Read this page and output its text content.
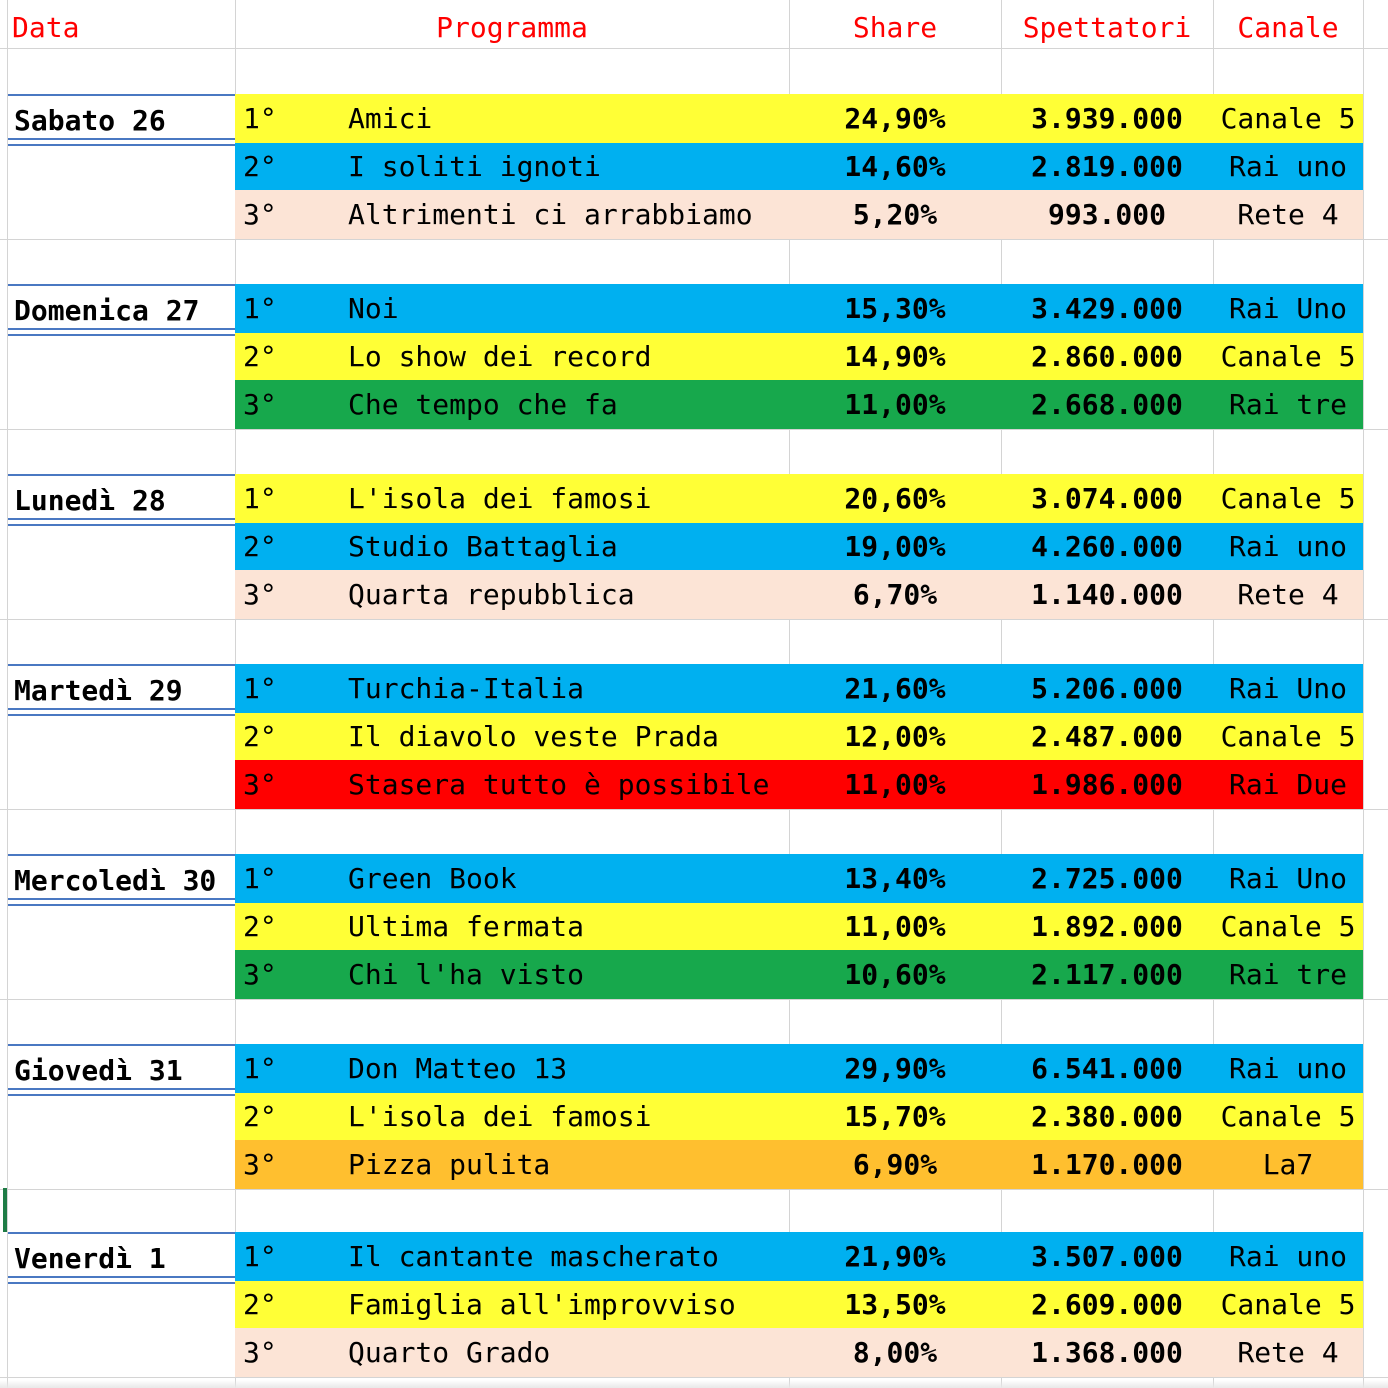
Data	Programma	Share	Spettatori	Canale
Sabato 26	1°	Amici	24,90%	3.939.000	Canale 5
2°	I soliti ignoti	14,60%	2.819.000	Rai uno
3°	Altrimenti ci arrabbiamo	5,20%	993.000	Rete 4
Domenica 27	1°	Noi	15,30%	3.429.000	Rai Uno
2°	Lo show dei record	14,90%	2.860.000	Canale 5
3°	Che tempo che fa	11,00%	2.668.000	Rai tre
Lunedì 28	1°	L'isola dei famosi	20,60%	3.074.000	Canale 5
2°	Studio Battaglia	19,00%	4.260.000	Rai uno
3°	Quarta repubblica	6,70%	1.140.000	Rete 4
Martedì 29	1°	Turchia-Italia	21,60%	5.206.000	Rai Uno
2°	Il diavolo veste Prada	12,00%	2.487.000	Canale 5
3°	Stasera tutto è possibile	11,00%	1.986.000	Rai Due
Mercoledì 30 1°	Green Book	13,40%	2.725.000	Rai Uno
2°	Ultima fermata	11,00%	1.892.000	Canale 5
3°	Chi l'ha visto	10,60%	2.117.000	Rai tre
Giovedì 31	1°	Don Matteo 13	29,90%	6.541.000	Rai uno
2°	L'isola dei famosi	15,70%	2.380.000	Canale 5
3°	Pizza pulita	6,90%	1.170.000	La7
Venerdì 1	1°	Il cantante mascherato	21,90%	3.507.000	Rai uno
2°	Famiglia all'improvviso	13,50%	2.609.000	Canale 5
3°	Quarto Grado	8,00%	1.368.000	Rete 4
